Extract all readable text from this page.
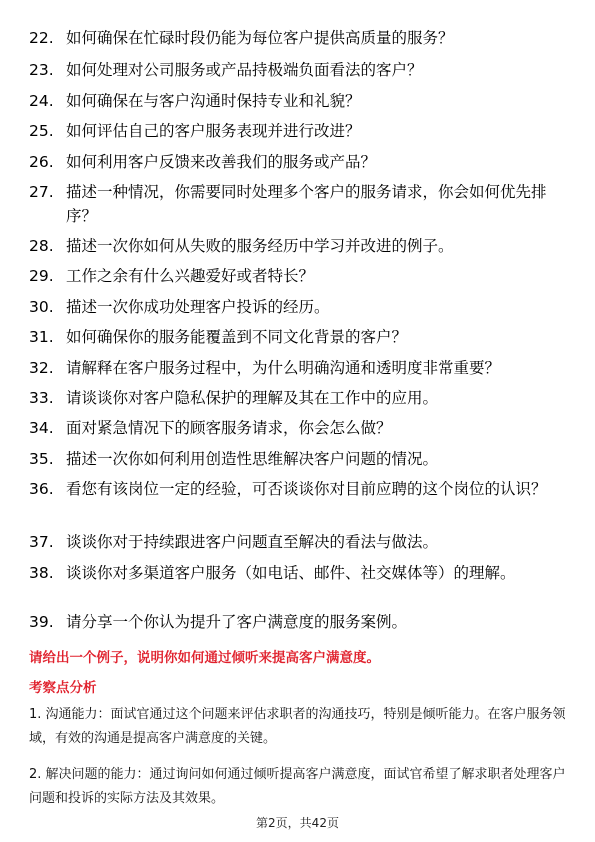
22. 如何确保在忙碌时段仍能为每位客户提供高质量的服务？
23. 如何处理对公司服务或产品持极端负面看法的客户？
24. 如何确保在与客户沟通时保持专业和礼貌？
25. 如何评估自己的客户服务表现并进行改进？
26. 如何利用客户反馈来改善我们的服务或产品？
27. 描述一种情况，你需要同时处理多个客户的服务请求，你会如何优先排序？
28. 描述一次你如何从失败的服务经历中学习并改进的例子。
29. 工作之余有什么兴趣爱好或者特长？
30. 描述一次你成功处理客户投诉的经历。
31. 如何确保你的服务能覆盖到不同文化背景的客户？
32. 请解释在客户服务过程中，为什么明确沟通和透明度非常重要？
33. 请谈谈你对客户隐私保护的理解及其在工作中的应用。
34. 面对紧急情况下的顾客服务请求，你会怎么做？
35. 描述一次你如何利用创造性思维解决客户问题的情况。
36. 看您有该岗位一定的经验，可否谈谈你对目前应聘的这个岗位的认识？
37. 谈谈你对于持续跟进客户问题直至解决的看法与做法。
38. 谈谈你对多渠道客户服务（如电话、邮件、社交媒体等）的理解。
39. 请分享一个你认为提升了客户满意度的服务案例。
请给出一个例子，说明你如何通过倾听来提高客户满意度。
考察点分析
1. 沟通能力：面试官通过这个问题来评估求职者的沟通技巧，特别是倾听能力。在客户服务领域，有效的沟通是提高客户满意度的关键。
2. 解决问题的能力：通过询问如何通过倾听提高客户满意度，面试官希望了解求职者处理客户问题和投诉的实际方法及其效果。
第2页，共42页
